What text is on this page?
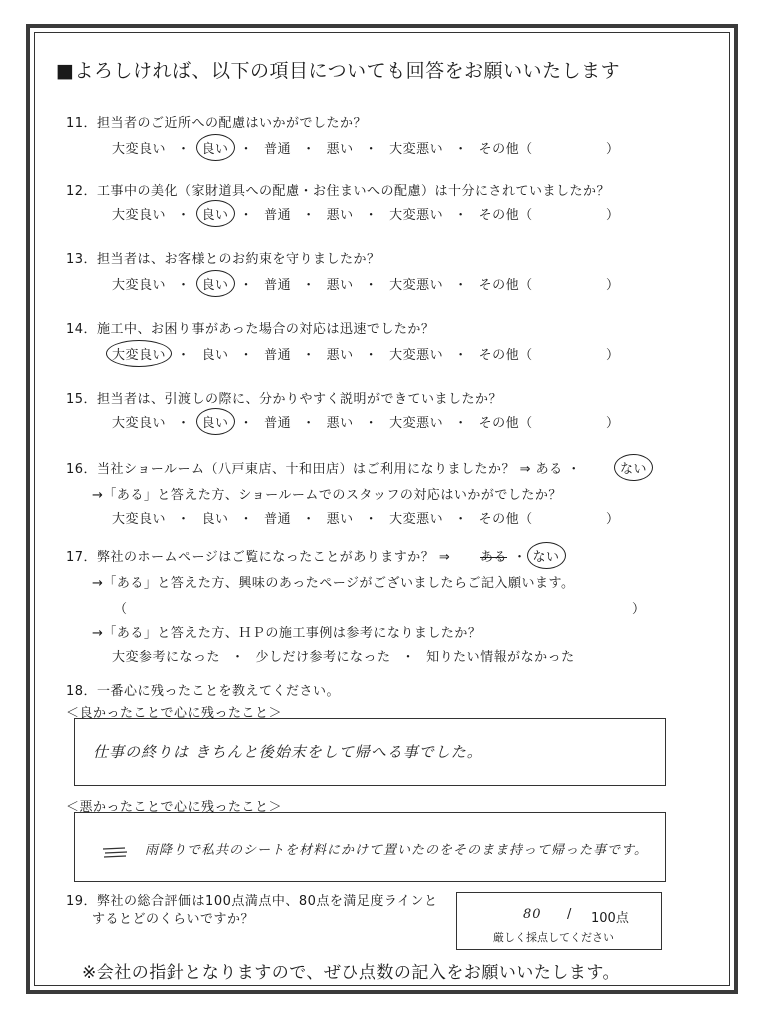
■よろしければ、以下の項目についても回答をお願いいたします
11．担当者のご近所への配慮はいかがでしたか？
大変良い ・ 良い ・ 普通 ・ 悪い ・ 大変悪い ・ その他（	）
12．工事中の美化（家財道具への配慮・お住まいへの配慮）は十分にされていましたか？
大変良い ・ 良い ・ 普通 ・ 悪い ・ 大変悪い ・ その他（	）
13．担当者は、お客様とのお約束を守りましたか？
大変良い ・ 良い ・ 普通 ・ 悪い ・ 大変悪い ・ その他（	）
14．施工中、お困り事があった場合の対応は迅速でしたか？
大変良い ・ 良い ・ 普通 ・ 悪い ・ 大変悪い ・ その他（	）
15．担当者は、引渡しの際に、分かりやすく説明ができていましたか？
大変良い ・ 良い ・ 普通 ・ 悪い ・ 大変悪い ・ その他（	）
16．当社ショールーム（八戸東店、十和田店）はご利用になりましたか？ ⇒ ある ・	ない
→「ある」と答えた方、ショールームでのスタッフの対応はいかがでしたか？
大変良い ・ 良い ・ 普通 ・ 悪い ・ 大変悪い ・ その他（	）
17．弊社のホームページはご覧になったことがありますか？ ⇒ ある ・ ない
→「ある」と答えた方、興味のあったページがございましたらご記入願います。
（	）
→「ある」と答えた方、ＨＰの施工事例は参考になりましたか？
大変参考になった ・ 少しだけ参考になった ・ 知りたい情報がなかった
18．一番心に残ったことを教えてください。
＜良かったことで心に残ったこと＞
仕事の終りは きちんと後始末をして帰へる事でした。
＜悪かったことで心に残ったこと＞
雨降りで私共のシートを材料にかけて置いたのをそのまま持って帰った事です。
19．弊社の総合評価は100点満点中、80点を満足度ラインと
するとどのくらいですか？	80 / 100点
厳しく採点してください
※会社の指針となりますので、ぜひ点数の記入をお願いいたします。
